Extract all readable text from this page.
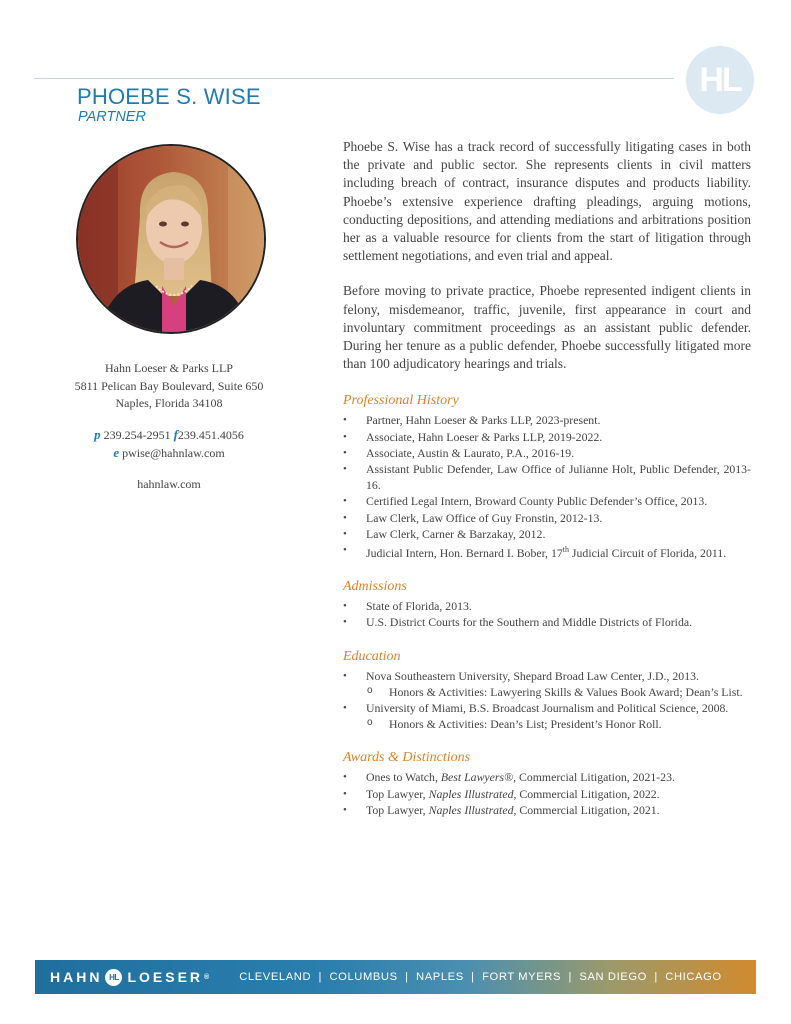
HL
PHOEBE S. WISE
PARTNER
Hahn Loeser & Parks LLP
5811 Pelican Bay Boulevard, Suite 650
Naples, Florida 34108
p 239.254-2951 f239.451.4056
e pwise@hahnlaw.com
hahnlaw.com

Phoebe S. Wise has a track record of successfully litigating cases in both the private and public sector. She represents clients in civil matters including breach of contract, insurance disputes and products liability. Phoebe’s extensive experience drafting pleadings, arguing motions, conducting depositions, and attending mediations and arbitrations position her as a valuable resource for clients from the start of litigation through settlement negotiations, and even trial and appeal.

Before moving to private practice, Phoebe represented indigent clients in felony, misdemeanor, traffic, juvenile, first appearance in court and involuntary commitment proceedings as an assistant public defender. During her tenure as a public defender, Phoebe successfully litigated more than 100 adjudicatory hearings and trials.

Professional History
• Partner, Hahn Loeser & Parks LLP, 2023-present.
• Associate, Hahn Loeser & Parks LLP, 2019-2022.
• Associate, Austin & Laurato, P.A., 2016-19.
• Assistant Public Defender, Law Office of Julianne Holt, Public Defender, 2013-16.
• Certified Legal Intern, Broward County Public Defender’s Office, 2013.
• Law Clerk, Law Office of Guy Fronstin, 2012-13.
• Law Clerk, Carner & Barzakay, 2012.
• Judicial Intern, Hon. Bernard I. Bober, 17th Judicial Circuit of Florida, 2011.
Admissions
• State of Florida, 2013.
• U.S. District Courts for the Southern and Middle Districts of Florida.
Education
• Nova Southeastern University, Shepard Broad Law Center, J.D., 2013.
o Honors & Activities: Lawyering Skills & Values Book Award; Dean’s List.
• University of Miami, B.S. Broadcast Journalism and Political Science, 2008.
o Honors & Activities: Dean’s List; President’s Honor Roll.
Awards & Distinctions
• Ones to Watch, Best Lawyers®, Commercial Litigation, 2021-23.
• Top Lawyer, Naples Illustrated, Commercial Litigation, 2022.
• Top Lawyer, Naples Illustrated, Commercial Litigation, 2021.
HAHN HL LOESER ®	CLEVELAND  |  COLUMBUS  |  NAPLES  |  FORT MYERS  |  SAN DIEGO  |  CHICAGO
